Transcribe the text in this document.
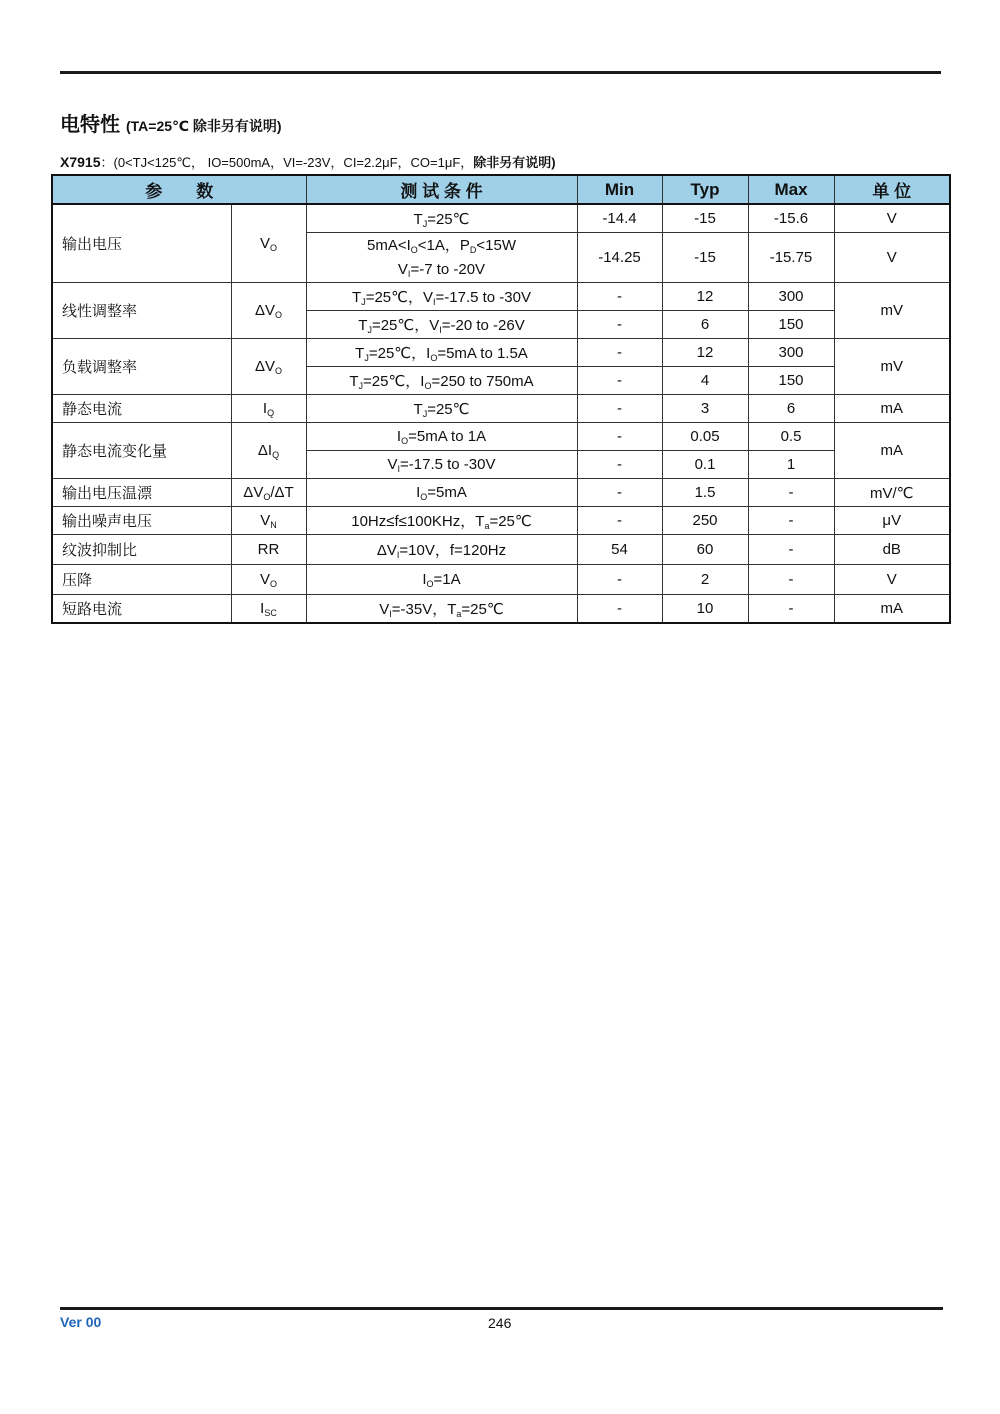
电特性 (TA=25℃ 除非另有说明)
X7915：(0<TJ<125℃， IO=500mA，VI=-23V，CI=2.2μF，CO=1μF，除非另有说明)
参　　数		测 试 条 件	Min	Typ	Max	单 位
输出电压	$V_O$	$T_J=25℃$	-14.4	-15	-15.6	V
		$5mA<I_O<1A$，$P_D<15W$
$V_I=-7$ to -20V	-14.25	-15	-15.75	V
线性调整率	$\Delta V_O$	$T_J=25℃$，$V_I=-17.5$ to -30V	-	12	300	mV
		$T_J=25℃$，$V_I=-20$ to -26V	-	6	150	
负载调整率	$\Delta V_O$	$T_J=25℃$，$I_O=5mA$ to 1.5A	-	12	300	mV
		$T_J=25℃$，$I_O=250$ to 750mA	-	4	150	
静态电流	$I_Q$	$T_J=25℃$	-	3	6	mA
静态电流变化量	$\Delta I_Q$	$I_O=5mA$ to 1A	-	0.05	0.5	mA
		$V_I=-17.5$ to -30V	-	0.1	1	
输出电压温漂	$\Delta V_O/\Delta T$	$I_O=5mA$	-	1.5	-	mV/℃
输出噪声电压	$V_N$	10Hz≤f≤100KHz，$T_a=25℃$	-	250	-	μV
纹波抑制比	RR	$\Delta V_I=10V$，f=120Hz	54	60	-	dB
压降	$V_O$	$I_O=1A$	-	2	-	V
短路电流	$I_{SC}$	$V_I=-35V$，$T_a=25℃$	-	10	-	mA
Ver 00	246
